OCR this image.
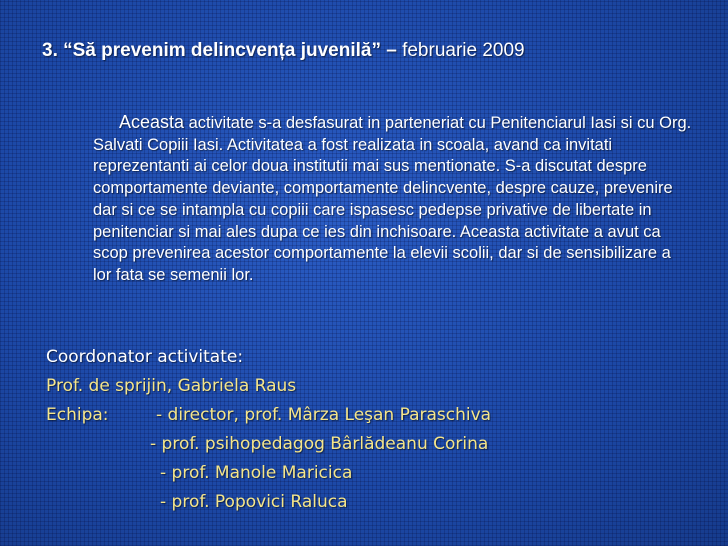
3. “Să prevenim delincvența juvenilă” – februarie 2009
Aceasta activitate s-a desfasurat in parteneriat cu Penitenciarul Iasi si cu Org. Salvati Copiii Iasi. Activitatea a fost realizata in scoala, avand ca invitati reprezentanti ai celor doua institutii mai sus mentionate. S-a discutat despre comportamente deviante, comportamente delincvente, despre cauze, prevenire dar si ce se intampla cu copiii care ispasesc pedepse privative de libertate in penitenciar si mai ales dupa ce ies din inchisoare. Aceasta activitate a avut ca scop prevenirea acestor comportamente la elevii scolii, dar si de sensibilizare a lor fata se semenii lor.
Coordonator activitate:
Prof. de sprijin, Gabriela Raus
Echipa:	- director, prof. Mârza Leşan Paraschiva
- prof. psihopedagog Bârlădeanu Corina
- prof. Manole Maricica
- prof. Popovici Raluca
